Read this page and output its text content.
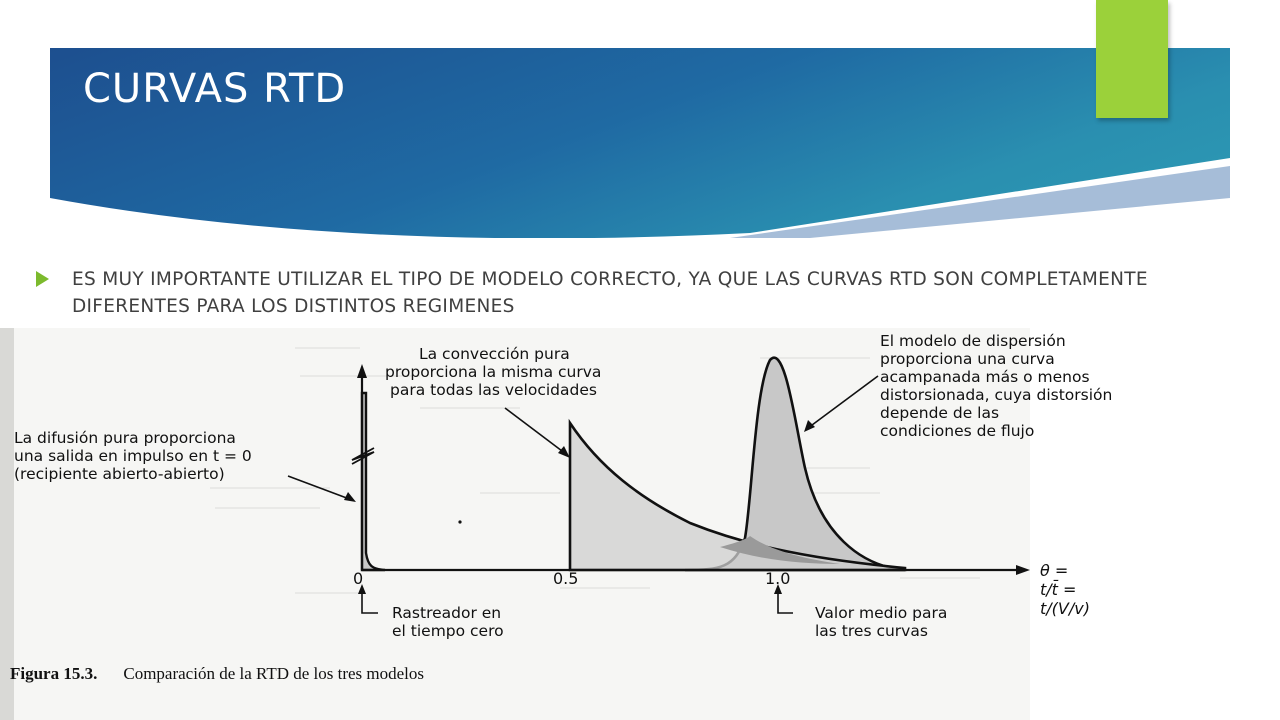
CURVAS RTD
ES MUY IMPORTANTE UTILIZAR EL TIPO DE MODELO CORRECTO, YA QUE LAS CURVAS RTD SON COMPLETAMENTE DIFERENTES PARA LOS DISTINTOS REGIMENES
La difusión pura proporciona
una salida en impulso en t = 0
(recipiente abierto-abierto)
La convección pura
proporciona la misma curva
para todas las velocidades
El modelo de dispersión
proporciona una curva
acampanada más o menos
distorsionada, cuya distorsión
depende de las
condiciones de flujo
0	0.5	1.0	θ = t/t̄ = t/(V/v)
Rastreador en
el tiempo cero
Valor medio para
las tres curvas
Figura 15.3. Comparación de la RTD de los tres modelos
